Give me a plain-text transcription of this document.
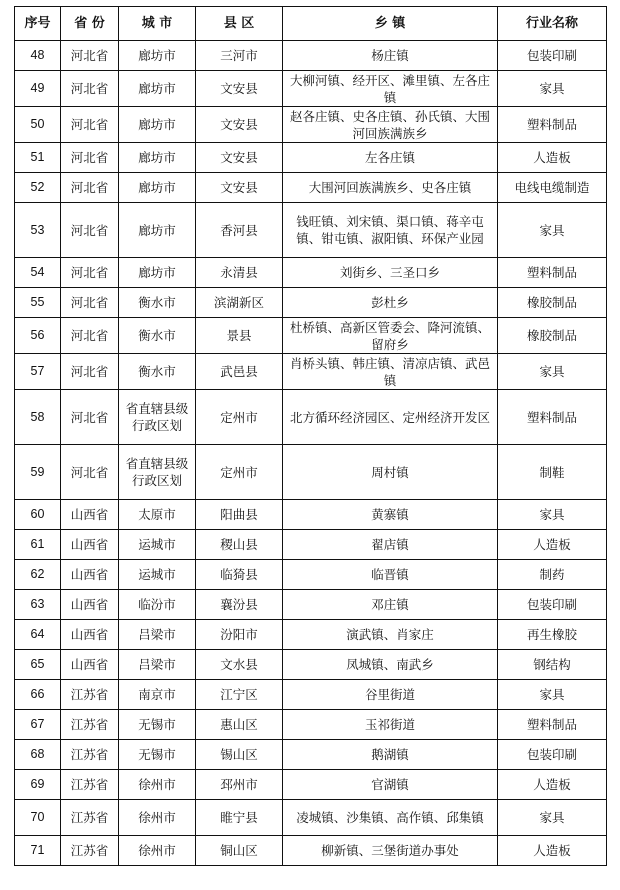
序号	省 份	城 市	县 区	乡 镇	行业名称
48	河北省	廊坊市	三河市	杨庄镇	包装印刷
49	河北省	廊坊市	文安县	大柳河镇、经开区、滩里镇、左各庄镇	家具
50	河北省	廊坊市	文安县	赵各庄镇、史各庄镇、孙氏镇、大围河回族满族乡	塑料制品
51	河北省	廊坊市	文安县	左各庄镇	人造板
52	河北省	廊坊市	文安县	大围河回族满族乡、史各庄镇	电线电缆制造
53	河北省	廊坊市	香河县	钱旺镇、刘宋镇、渠口镇、蒋辛屯镇、钳屯镇、淑阳镇、环保产业园	家具
54	河北省	廊坊市	永清县	刘街乡、三圣口乡	塑料制品
55	河北省	衡水市	滨湖新区	彭杜乡	橡胶制品
56	河北省	衡水市	景县	杜桥镇、高新区管委会、降河流镇、留府乡	橡胶制品
57	河北省	衡水市	武邑县	肖桥头镇、韩庄镇、清凉店镇、武邑镇	家具
58	河北省	省直辖县级行政区划	定州市	北方循环经济园区、定州经济开发区	塑料制品
59	河北省	省直辖县级行政区划	定州市	周村镇	制鞋
60	山西省	太原市	阳曲县	黄寨镇	家具
61	山西省	运城市	稷山县	翟店镇	人造板
62	山西省	运城市	临猗县	临晋镇	制药
63	山西省	临汾市	襄汾县	邓庄镇	包装印刷
64	山西省	吕梁市	汾阳市	演武镇、肖家庄	再生橡胶
65	山西省	吕梁市	文水县	凤城镇、南武乡	钢结构
66	江苏省	南京市	江宁区	谷里街道	家具
67	江苏省	无锡市	惠山区	玉祁街道	塑料制品
68	江苏省	无锡市	锡山区	鹅湖镇	包装印刷
69	江苏省	徐州市	邳州市	官湖镇	人造板
70	江苏省	徐州市	睢宁县	凌城镇、沙集镇、高作镇、邱集镇	家具
71	江苏省	徐州市	铜山区	柳新镇、三堡街道办事处	人造板
